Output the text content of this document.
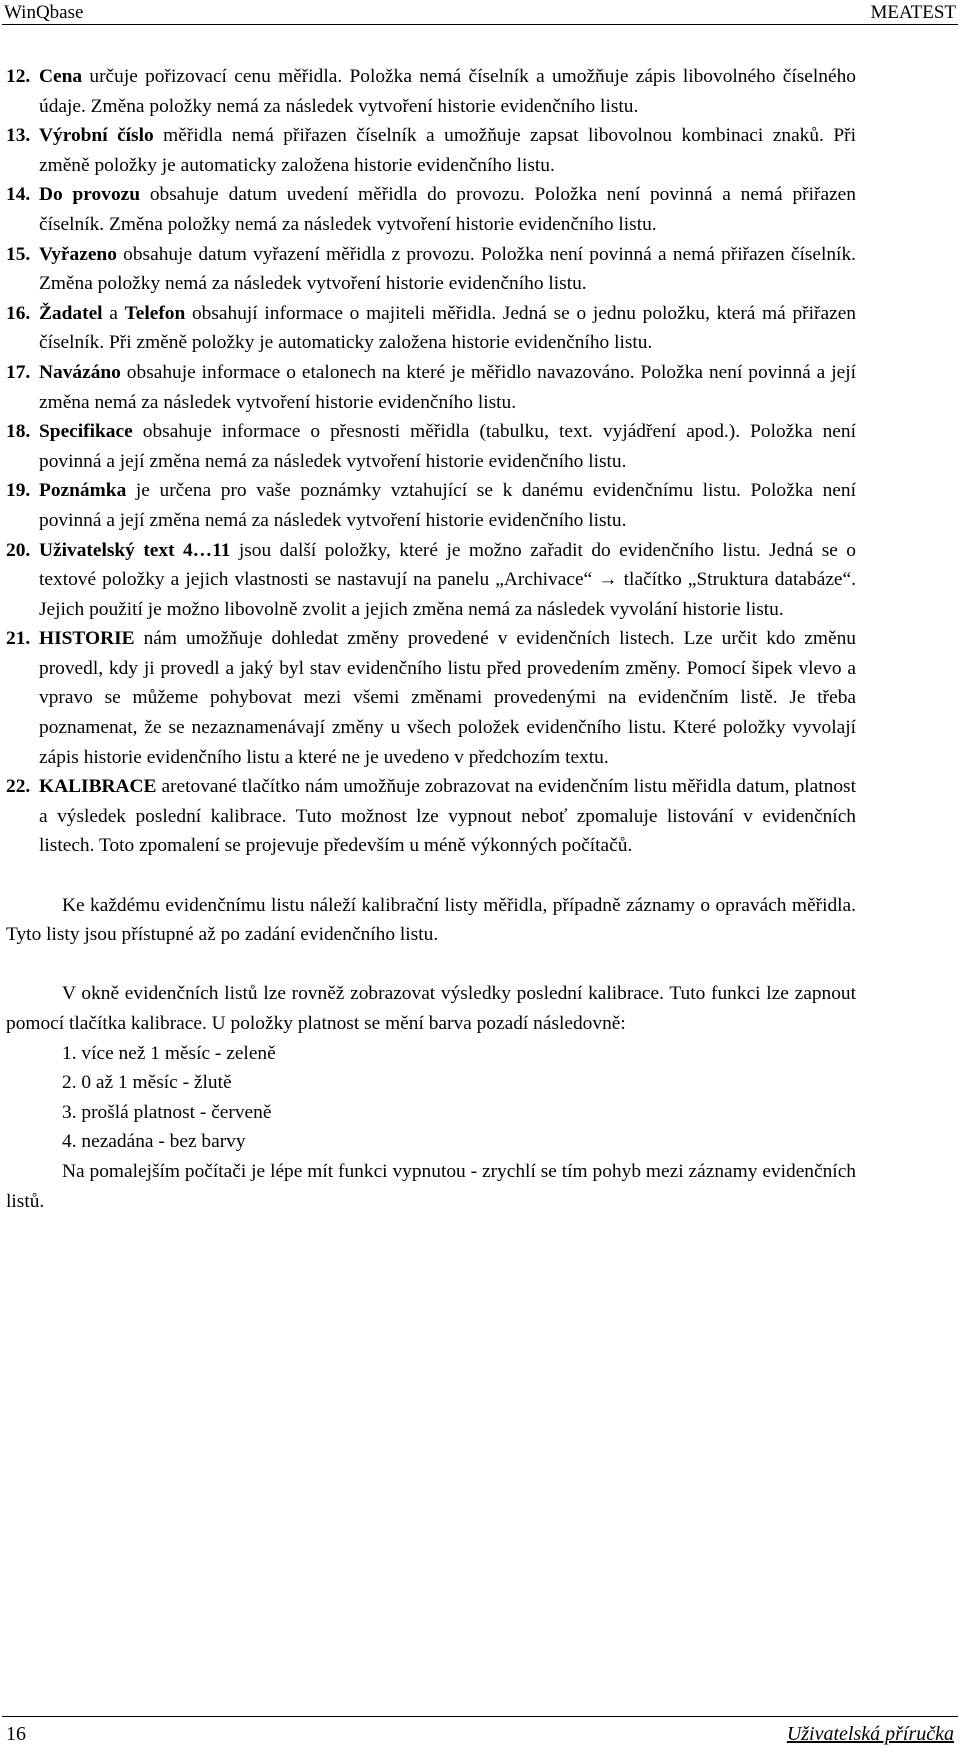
WinQbase	MEATEST

12. Cena určuje pořizovací cenu měřidla. Položka nemá číselník a umožňuje zápis libovolného číselného údaje. Změna položky nemá za následek vytvoření historie evidenčního listu.

13. Výrobní číslo měřidla nemá přiřazen číselník a umožňuje zapsat libovolnou kombinaci znaků. Při změně položky je automaticky založena historie evidenčního listu.

14. Do provozu obsahuje datum uvedení měřidla do provozu. Položka není povinná a nemá přiřazen číselník. Změna položky nemá za následek vytvoření historie evidenčního listu.

15. Vyřazeno obsahuje datum vyřazení měřidla z provozu. Položka není povinná a nemá přiřazen číselník. Změna položky nemá za následek vytvoření historie evidenčního listu.

16. Žadatel a Telefon obsahují informace o majiteli měřidla. Jedná se o jednu položku, která má přiřazen číselník. Při změně položky je automaticky založena historie evidenčního listu.

17. Navázáno obsahuje informace o etalonech na které je měřidlo navazováno. Položka není povinná a její změna nemá za následek vytvoření historie evidenčního listu.

18. Specifikace obsahuje informace o přesnosti měřidla (tabulku, text. vyjádření apod.). Položka není povinná a její změna nemá za následek vytvoření historie evidenčního listu.

19. Poznámka je určena pro vaše poznámky vztahující se k danému evidenčnímu listu. Položka není povinná a její změna nemá za následek vytvoření historie evidenčního listu.

20. Uživatelský text 4…11 jsou další položky, které je možno zařadit do evidenčního listu. Jedná se o textové položky a jejich vlastnosti se nastavují na panelu „Archivace“ → tlačítko „Struktura databáze“. Jejich použití je možno libovolně zvolit a jejich změna nemá za následek vyvolání historie listu.

21. HISTORIE nám umožňuje dohledat změny provedené v evidenčních listech. Lze určit kdo změnu provedl, kdy ji provedl a jaký byl stav evidenčního listu před provedením změny. Pomocí šipek vlevo a vpravo se můžeme pohybovat mezi všemi změnami provedenými na evidenčním listě. Je třeba poznamenat, že se nezaznamenávají změny u všech položek evidenčního listu. Které položky vyvolají zápis historie evidenčního listu a které ne je uvedeno v předchozím textu.

22. KALIBRACE aretované tlačítko nám umožňuje zobrazovat na evidenčním listu měřidla datum, platnost a výsledek poslední kalibrace. Tuto možnost lze vypnout neboť zpomaluje listování v evidenčních listech. Toto zpomalení se projevuje především u méně výkonných počítačů.

Ke každému evidenčnímu listu náleží kalibrační listy měřidla, případně záznamy o opravách měřidla. Tyto listy jsou přístupné až po zadání evidenčního listu.

V okně evidenčních listů lze rovněž zobrazovat výsledky poslední kalibrace. Tuto funkci lze zapnout pomocí tlačítka kalibrace. U položky platnost se mění barva pozadí následovně:

1. více než 1 měsíc - zeleně

2. 0 až 1 měsíc - žlutě

3. prošlá platnost - červeně

4. nezadána - bez barvy

Na pomalejším počítači je lépe mít funkci vypnutou - zrychlí se tím pohyb mezi záznamy evidenčních listů.

16	Uživatelská příručka
